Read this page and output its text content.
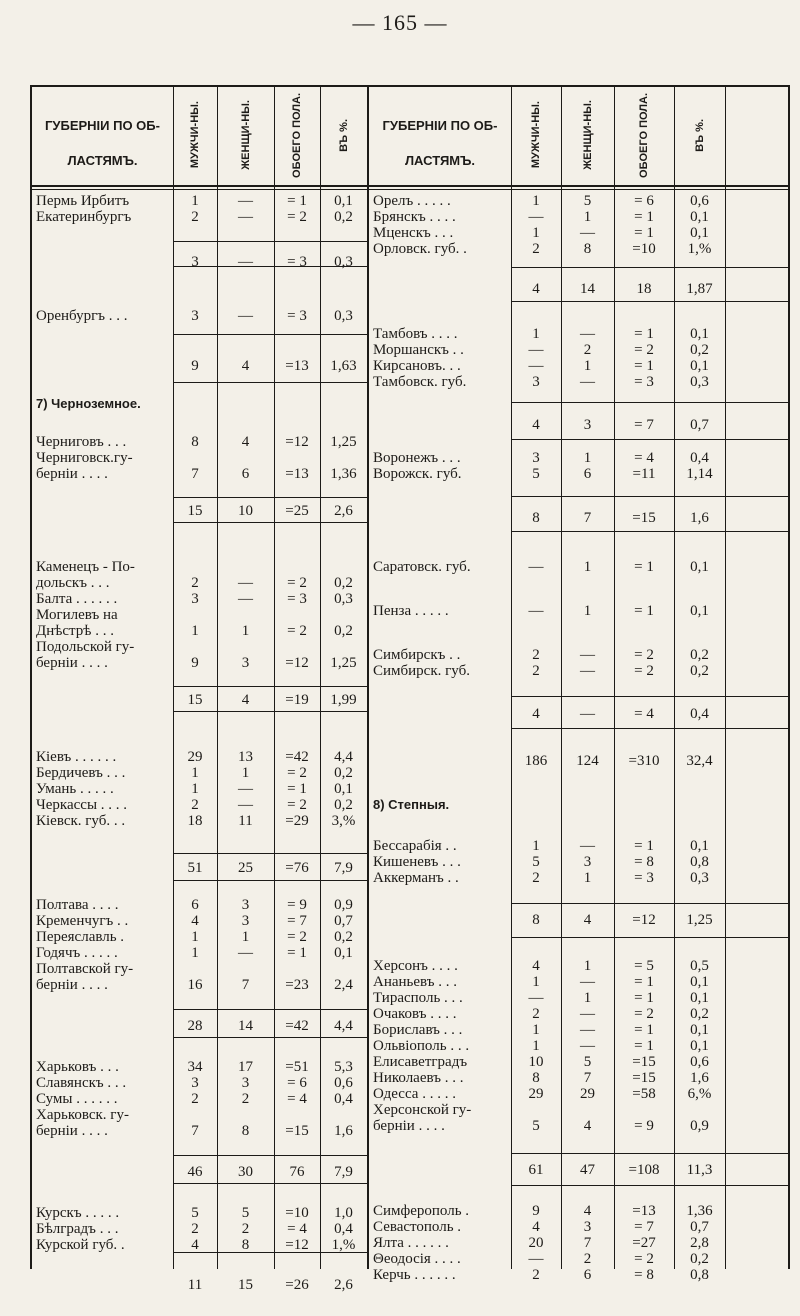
— 165 —
ГУБЕРНІИ ПО ОБ-
ЛАСТЯМЪ.	МУЖЧИ-НЫ.	ЖЕНЩИ-НЫ.	ОБОЕГО ПОЛА.	ВЪ %.	ГУБЕРНІИ ПО ОБ-
ЛАСТЯМЪ.	МУЖЧИ-НЫ.	ЖЕНЩИ-НЫ.	ОБОЕГО ПОЛА.	ВЪ %.
Пермь Ирбитъ	1	—	= 1	0,1
Екатеринбургъ	2	—	= 2	0,2
3	—	= 3	0,3
Оренбургъ . . .	3	—	= 3	0,3
9	4	=13	1,63
7) Черноземное.
Черниговъ . . .	8	4	=12	1,25
Черниговск.гу-
берніи . . . .	7	6	=13	1,36
15	10	=25	2,6
Каменецъ - По-
дольскъ . . .	2	—	= 2	0,2
Балта . . . . . .	3	—	= 3	0,3
Могилевъ на
Днѣстрѣ . . .	1	1	= 2	0,2
Подольской гу-
берніи . . . .	9	3	=12	1,25
15	4	=19	1,99
Кіевъ . . . . . .	29	13	=42	4,4
Бердичевъ . . .	1	1	= 2	0,2
Умань . . . . .	1	—	= 1	0,1
Черкассы . . . .	2	—	= 2	0,2
Кіевск. губ. . .	18	11	=29	3,%
51	25	=76	7,9
Полтава . . . .	6	3	= 9	0,9
Кременчугъ . .	4	3	= 7	0,7
Переяславль .	1	1	= 2	0,2
Годячъ . . . . .	1	—	= 1	0,1
Полтавской гу-
берніи . . . .	16	7	=23	2,4
28	14	=42	4,4
Харьковъ . . .	34	17	=51	5,3
Славянскъ . . .	3	3	= 6	0,6
Сумы . . . . . .	2	2	= 4	0,4
Харьковск. гу-
берніи . . . .	7	8	=15	1,6
46	30	76	7,9
Курскъ . . . . .	5	5	=10	1,0
Бѣлградъ . . .	2	2	= 4	0,4
Курской губ. .	4	8	=12	1,%
11	15	=26	2,6
Орелъ . . . . .	1	5	= 6	0,6
Брянскъ . . . .	—	1	= 1	0,1
Мценскъ . . .	1	—	= 1	0,1
Орловск. губ. .	2	8	=10	1,%
4	14	18	1,87
Тамбовъ . . . .	1	—	= 1	0,1
Моршанскъ . .	—	2	= 2	0,2
Кирсановъ. . .	—	1	= 1	0,1
Тамбовск. губ.	3	—	= 3	0,3
4	3	= 7	0,7
Воронежъ . . .	3	1	= 4	0,4
Ворожск. губ.	5	6	=11	1,14
8	7	=15	1,6
Саратовск. губ.	—	1	= 1	0,1
Пенза . . . . .	—	1	= 1	0,1
Симбирскъ . .	2	—	= 2	0,2
Симбирск. губ.	2	—	= 2	0,2
4	—	= 4	0,4
186	124	=310	32,4
8) Степныя.
Бессарабія . .	1	—	= 1	0,1
Кишеневъ . . .	5	3	= 8	0,8
Аккерманъ . .	2	1	= 3	0,3
8	4	=12	1,25
Херсонъ . . . .	4	1	= 5	0,5
Ананьевъ . . .	1	—	= 1	0,1
Тирасполь . . .	—	1	= 1	0,1
Очаковъ . . . .	2	—	= 2	0,2
Бориславъ . . .	1	—	= 1	0,1
Ольвіополь . . .	1	—	= 1	0,1
Елисаветградъ	10	5	=15	0,6
Николаевъ . . .	8	7	=15	1,6
Одесса . . . . .	29	29	=58	6,%
Херсонской гу-
берніи . . . .	5	4	= 9	0,9
61	47	=108	11,3
Симферополь .	9	4	=13	1,36
Севастополь .	4	3	= 7	0,7
Ялта . . . . . .	20	7	=27	2,8
Θеодосія . . . .	—	2	= 2	0,2
Керчь . . . . . .	2	6	= 8	0,8
